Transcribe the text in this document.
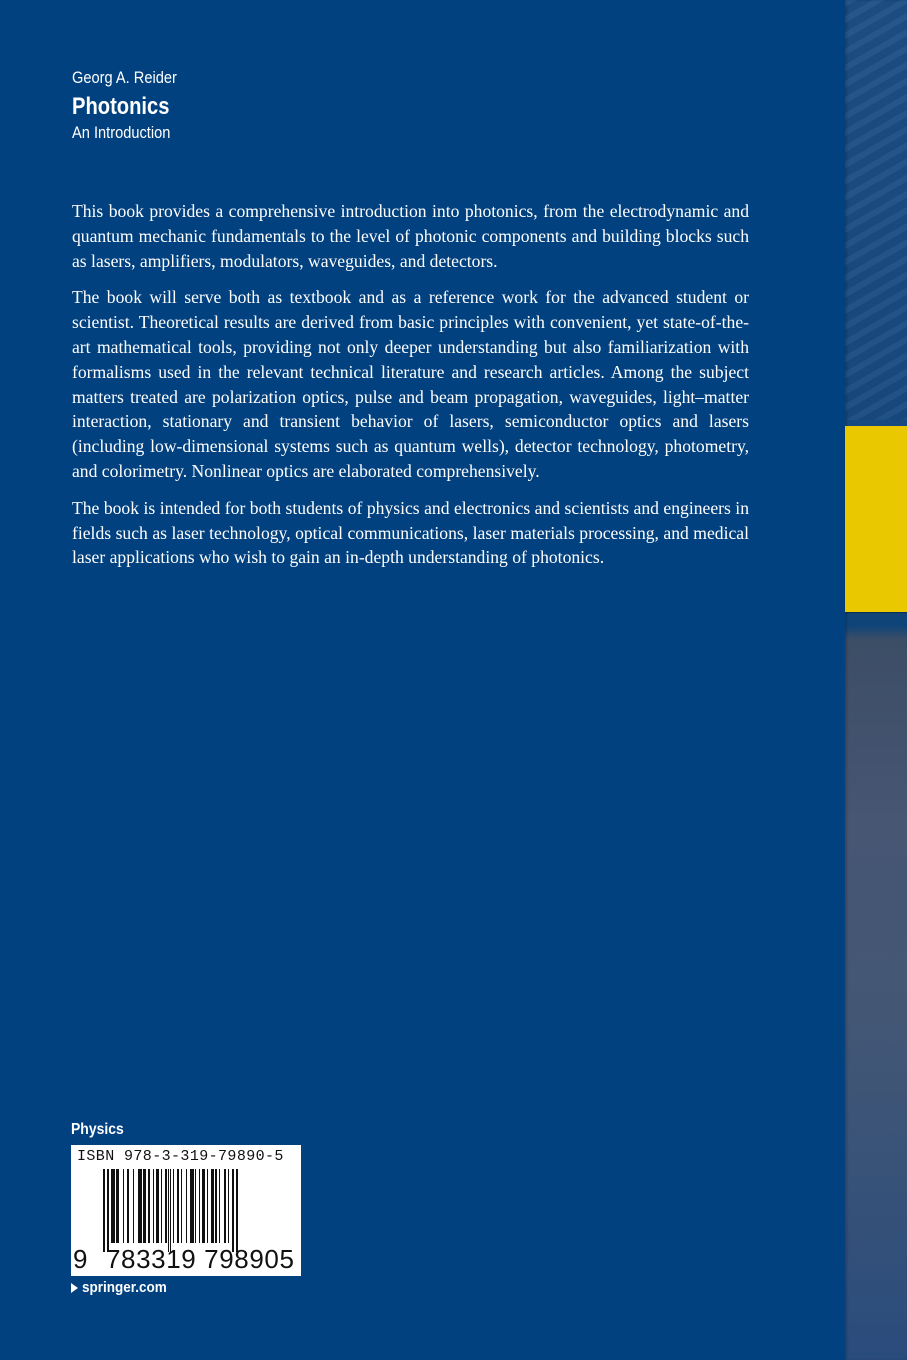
Georg A. Reider
Photonics
An Introduction

This book provides a comprehensive introduction into photonics, from the electrodynamic and quantum mechanic fundamentals to the level of photonic components and building blocks such as lasers, amplifiers, modulators, waveguides, and detectors.

The book will serve both as textbook and as a reference work for the advanced student or scientist. Theoretical results are derived from basic principles with convenient, yet state-of-the-art mathematical tools, providing not only deeper understanding but also familiarization with formalisms used in the relevant technical literature and research articles. Among the subject matters treated are polarization optics, pulse and beam propagation, waveguides, light–matter interaction, stationary and transient behavior of lasers, semiconductor optics and lasers (including low-dimensional systems such as quantum wells), detector technology, photometry, and colorimetry. Nonlinear optics are elaborated comprehensively.

The book is intended for both students of physics and electronics and scientists and engineers in fields such as laser technology, optical communications, laser materials processing, and medical laser applications who wish to gain an in-depth understanding of photonics.

Physics
ISBN 978-3-319-79890-5
9 783319 798905
springer.com
